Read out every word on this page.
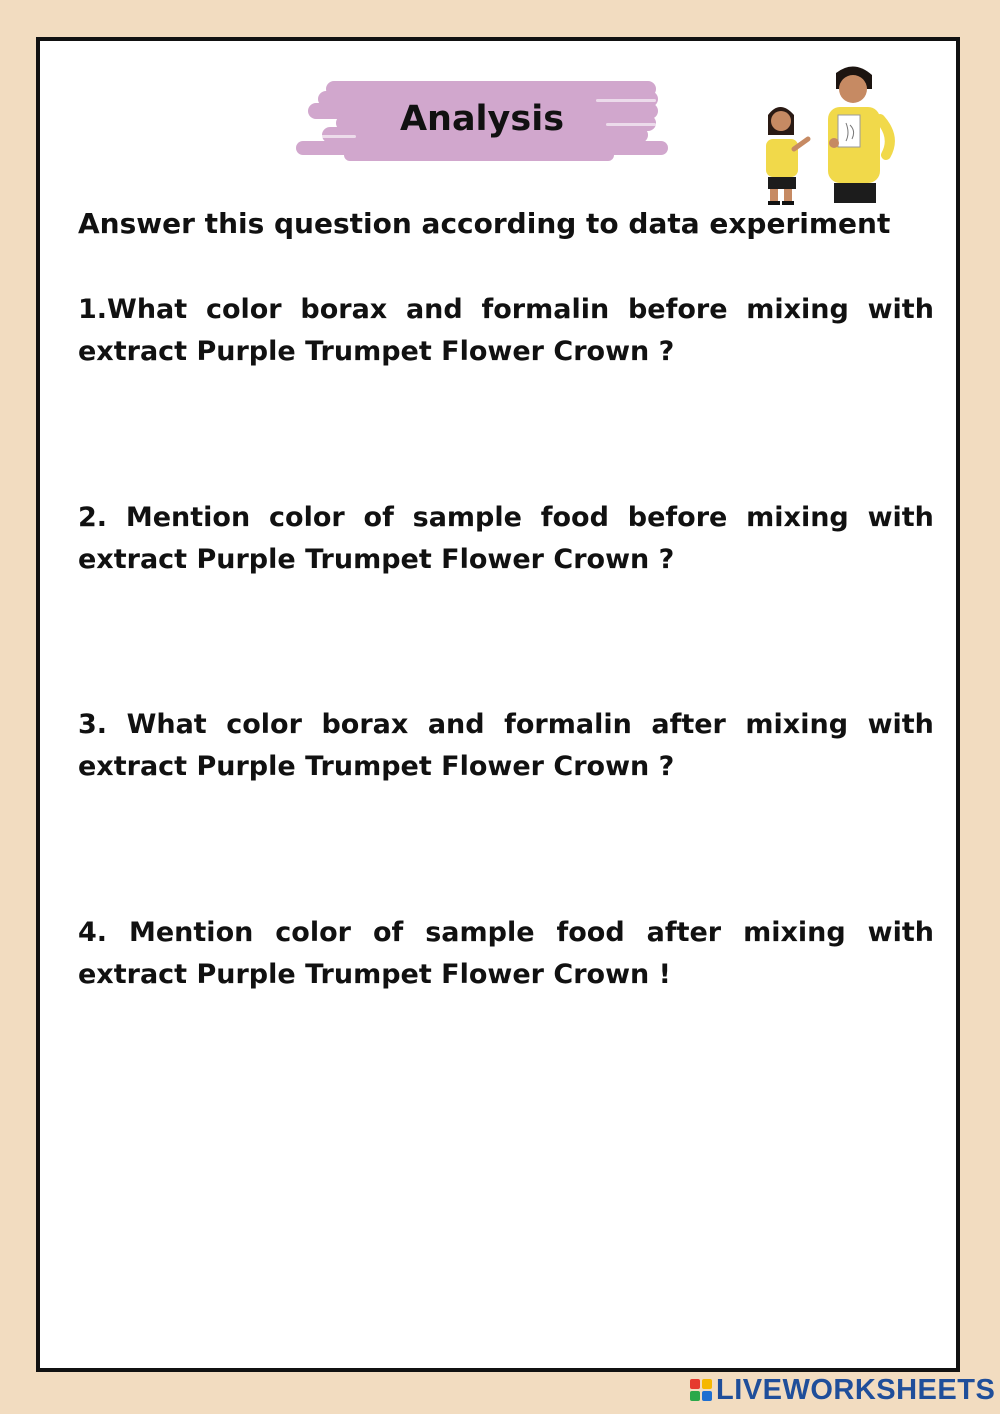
Analysis
Answer this question according to data experiment
1.What color borax and formalin before mixing with
extract Purple Trumpet Flower Crown ?
2. Mention color of sample food before mixing with
extract Purple Trumpet Flower Crown ?
3. What color borax and formalin after mixing with
extract Purple Trumpet Flower Crown ?
4. Mention color of sample food after mixing with
extract Purple Trumpet Flower Crown !
LIVEWORKSHEETS
